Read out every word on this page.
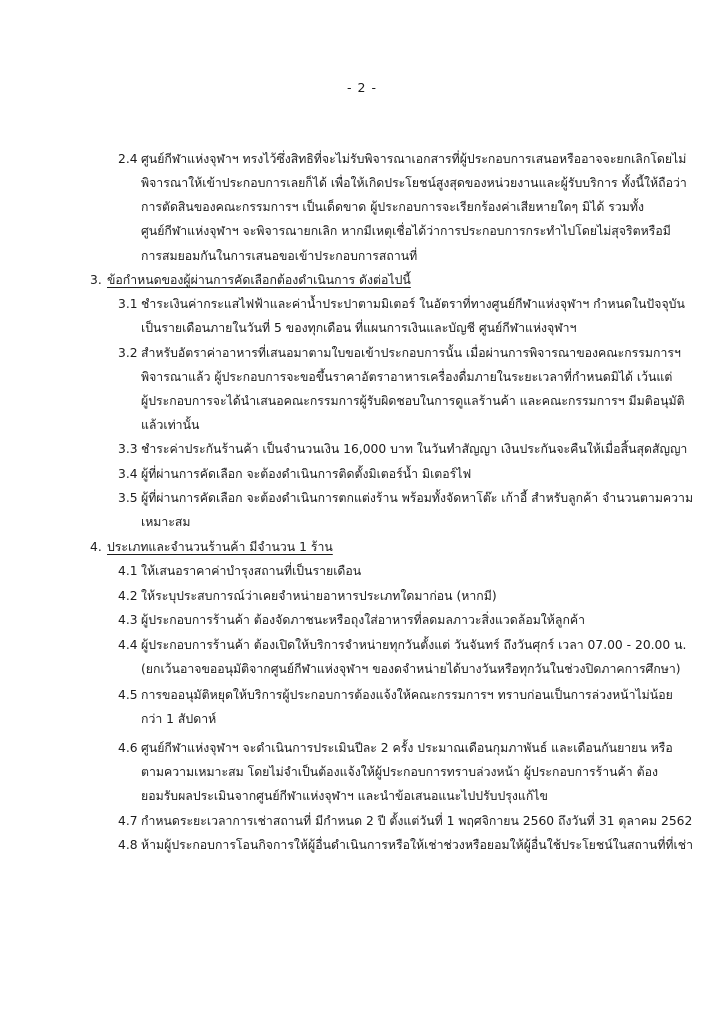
- 2 -
2.4 ศูนย์กีฬาแห่งจุฬาฯ ทรงไว้ซึ่งสิทธิที่จะไม่รับพิจารณาเอกสารที่ผู้ประกอบการเสนอหรืออาจจะยกเลิกโดยไม่
พิจารณาให้เข้าประกอบการเลยก็ได้ เพื่อให้เกิดประโยชน์สูงสุดของหน่วยงานและผู้รับบริการ ทั้งนี้ให้ถือว่า
การตัดสินของคณะกรรมการฯ เป็นเด็ดขาด ผู้ประกอบการจะเรียกร้องค่าเสียหายใดๆ มิได้ รวมทั้ง
ศูนย์กีฬาแห่งจุฬาฯ จะพิจารณายกเลิก หากมีเหตุเชื่อได้ว่าการประกอบการกระทำไปโดยไม่สุจริตหรือมี
การสมยอมกันในการเสนอขอเข้าประกอบการสถานที่
3. ข้อกำหนดของผู้ผ่านการคัดเลือกต้องดำเนินการ ดังต่อไปนี้
3.1 ชำระเงินค่ากระแสไฟฟ้าและค่าน้ำประปาตามมิเตอร์ ในอัตราที่ทางศูนย์กีฬาแห่งจุฬาฯ กำหนดในปัจจุบัน
เป็นรายเดือนภายในวันที่ 5 ของทุกเดือน ที่แผนการเงินและบัญชี ศูนย์กีฬาแห่งจุฬาฯ
3.2 สำหรับอัตราค่าอาหารที่เสนอมาตามใบขอเข้าประกอบการนั้น เมื่อผ่านการพิจารณาของคณะกรรมการฯ
พิจารณาแล้ว ผู้ประกอบการจะขอขึ้นราคาอัตราอาหารเครื่องดื่มภายในระยะเวลาที่กำหนดมิได้ เว้นแต่
ผู้ประกอบการจะได้นำเสนอคณะกรรมการผู้รับผิดชอบในการดูแลร้านค้า และคณะกรรมการฯ มีมติอนุมัติ
แล้วเท่านั้น
3.3 ชำระค่าประกันร้านค้า เป็นจำนวนเงิน 16,000 บาท ในวันทำสัญญา เงินประกันจะคืนให้เมื่อสิ้นสุดสัญญา
3.4 ผู้ที่ผ่านการคัดเลือก จะต้องดำเนินการติดตั้งมิเตอร์น้ำ มิเตอร์ไฟ
3.5 ผู้ที่ผ่านการคัดเลือก จะต้องดำเนินการตกแต่งร้าน พร้อมทั้งจัดหาโต๊ะ เก้าอี้ สำหรับลูกค้า จำนวนตามความ
เหมาะสม
4. ประเภทและจำนวนร้านค้า มีจำนวน 1 ร้าน
4.1 ให้เสนอราคาค่าบำรุงสถานที่เป็นรายเดือน
4.2 ให้ระบุประสบการณ์ว่าเคยจำหน่ายอาหารประเภทใดมาก่อน (หากมี)
4.3 ผู้ประกอบการร้านค้า ต้องจัดภาชนะหรือถุงใส่อาหารที่ลดมลภาวะสิ่งแวดล้อมให้ลูกค้า
4.4 ผู้ประกอบการร้านค้า ต้องเปิดให้บริการจำหน่ายทุกวันตั้งแต่ วันจันทร์ ถึงวันศุกร์ เวลา 07.00 - 20.00 น.
(ยกเว้นอาจขออนุมัติจากศูนย์กีฬาแห่งจุฬาฯ ของดจำหน่ายได้บางวันหรือทุกวันในช่วงปิดภาคการศึกษา)
4.5 การขออนุมัติหยุดให้บริการผู้ประกอบการต้องแจ้งให้คณะกรรมการฯ ทราบก่อนเป็นการล่วงหน้าไม่น้อย
กว่า 1 สัปดาห์
4.6 ศูนย์กีฬาแห่งจุฬาฯ จะดำเนินการประเมินปีละ 2 ครั้ง ประมาณเดือนกุมภาพันธ์ และเดือนกันยายน หรือ
ตามความเหมาะสม โดยไม่จำเป็นต้องแจ้งให้ผู้ประกอบการทราบล่วงหน้า ผู้ประกอบการร้านค้า ต้อง
ยอมรับผลประเมินจากศูนย์กีฬาแห่งจุฬาฯ และนำข้อเสนอแนะไปปรับปรุงแก้ไข
4.7 กำหนดระยะเวลาการเช่าสถานที่ มีกำหนด 2 ปี ตั้งแต่วันที่ 1 พฤศจิกายน 2560 ถึงวันที่ 31 ตุลาคม 2562
4.8 ห้ามผู้ประกอบการโอนกิจการให้ผู้อื่นดำเนินการหรือให้เช่าช่วงหรือยอมให้ผู้อื่นใช้ประโยชน์ในสถานที่ที่เช่า
